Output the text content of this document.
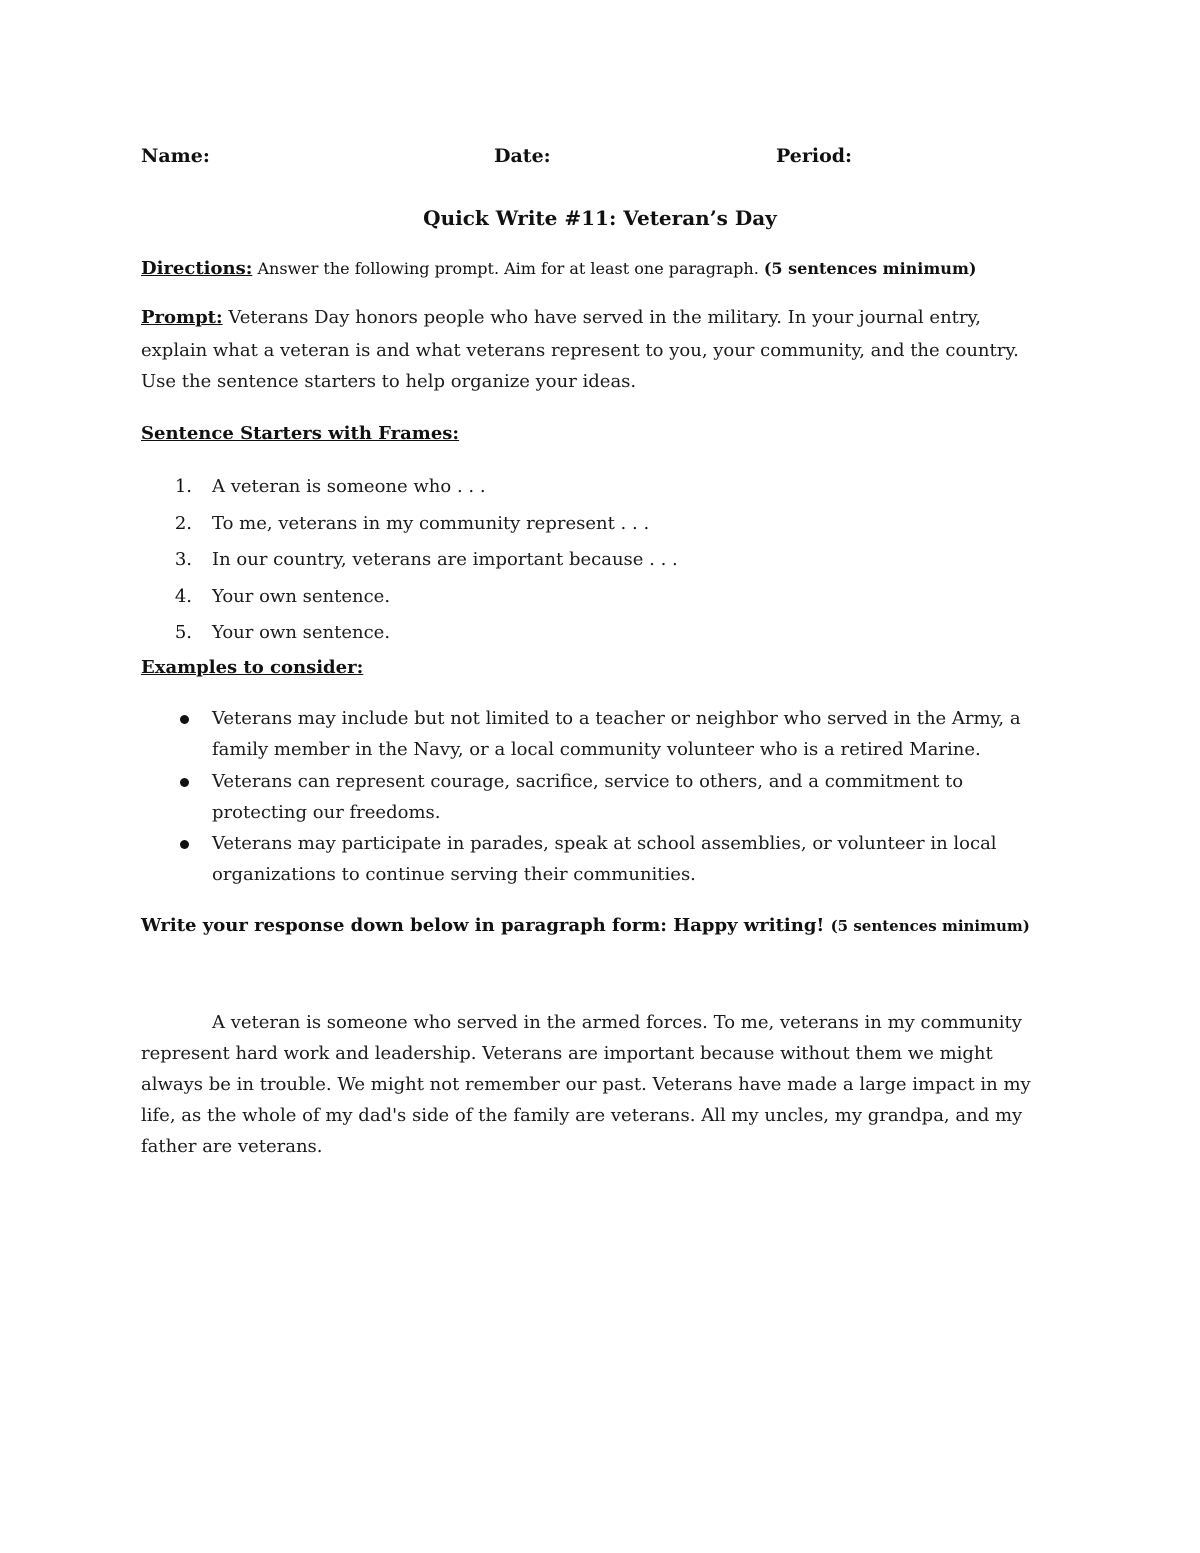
Name:	Date:	Period:
Quick Write #11: Veteran’s Day
Directions: Answer the following prompt. Aim for at least one paragraph. (5 sentences minimum)
Prompt: Veterans Day honors people who have served in the military. In your journal entry,
explain what a veteran is and what veterans represent to you, your community, and the country.
Use the sentence starters to help organize your ideas.
Sentence Starters with Frames:
1. A veteran is someone who . . .
2. To me, veterans in my community represent . . .
3. In our country, veterans are important because . . .
4. Your own sentence.
5. Your own sentence.
Examples to consider:
Veterans may include but not limited to a teacher or neighbor who served in the Army, a
family member in the Navy, or a local community volunteer who is a retired Marine.
Veterans can represent courage, sacrifice, service to others, and a commitment to
protecting our freedoms.
Veterans may participate in parades, speak at school assemblies, or volunteer in local
organizations to continue serving their communities.
Write your response down below in paragraph form: Happy writing! (5 sentences minimum)
A veteran is someone who served in the armed forces. To me, veterans in my community
represent hard work and leadership. Veterans are important because without them we might
always be in trouble. We might not remember our past. Veterans have made a large impact in my
life, as the whole of my dad's side of the family are veterans. All my uncles, my grandpa, and my
father are veterans.
